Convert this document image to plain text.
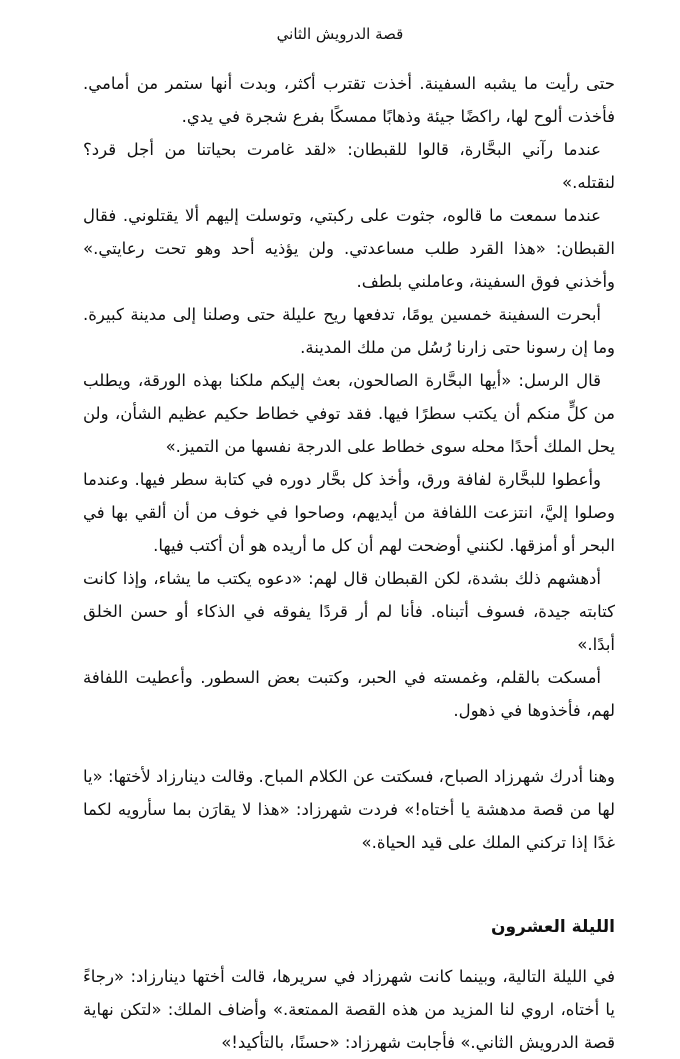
قصة الدرويش الثاني

حتى رأيت ما يشبه السفينة. أخذت تقترب أكثر، وبدت أنها ستمر من أمامي. فأخذت ألوح لها، راكضًا جيئة وذهابًا ممسكًا بفرع شجرة في يدي.

عندما رآني البحَّارة، قالوا للقبطان: «لقد غامرت بحياتنا من أجل قرد؟ لنقتله.»

عندما سمعت ما قالوه، جثوت على ركبتي، وتوسلت إليهم ألا يقتلوني. فقال القبطان: «هذا القرد طلب مساعدتي. ولن يؤذيه أحد وهو تحت رعايتي.» وأخذني فوق السفينة، وعاملني بلطف.

أبحرت السفينة خمسين يومًا، تدفعها ريح عليلة حتى وصلنا إلى مدينة كبيرة. وما إن رسونا حتى زارنا رُسُل من ملك المدينة.

قال الرسل: «أيها البحَّارة الصالحون، بعث إليكم ملكنا بهذه الورقة، ويطلب من كلٍّ منكم أن يكتب سطرًا فيها. فقد توفي خطاط حكيم عظيم الشأن، ولن يحل الملك أحدًا محله سوى خطاط على الدرجة نفسها من التميز.»

وأعطوا للبحَّارة لفافة ورق، وأخذ كل بحَّار دوره في كتابة سطر فيها. وعندما وصلوا إليَّ، انتزعت اللفافة من أيديهم، وصاحوا في خوف من أن ألقي بها في البحر أو أمزقها. لكنني أوضحت لهم أن كل ما أريده هو أن أكتب فيها.

أدهشهم ذلك بشدة، لكن القبطان قال لهم: «دعوه يكتب ما يشاء، وإذا كانت كتابته جيدة، فسوف أتبناه. فأنا لم أر قردًا يفوقه في الذكاء أو حسن الخلق أبدًا.»

أمسكت بالقلم، وغمسته في الحبر، وكتبت بعض السطور. وأعطيت اللفافة لهم، فأخذوها في ذهول.

وهنا أدرك شهرزاد الصباح، فسكتت عن الكلام المباح. وقالت دينارزاد لأختها: «يا لها من قصة مدهشة يا أختاه!» فردت شهرزاد: «هذا لا يقارَن بما سأرويه لكما غدًا إذا تركني الملك على قيد الحياة.»

الليلة العشرون

في الليلة التالية، وبينما كانت شهرزاد في سريرها، قالت أختها دينارزاد: «رجاءً يا أختاه، اروي لنا المزيد من هذه القصة الممتعة.» وأضاف الملك: «لتكن نهاية قصة الدرويش الثاني.» فأجابت شهرزاد: «حسنًا، بالتأكيد!»
